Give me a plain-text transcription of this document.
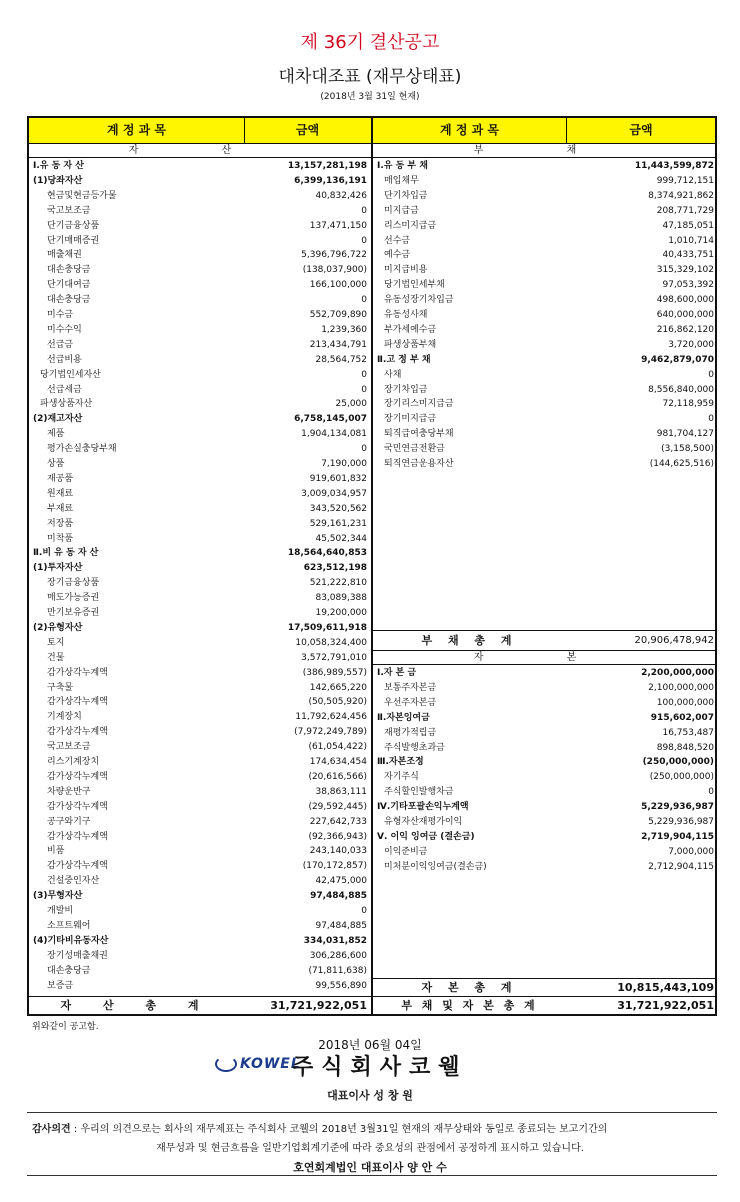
제 36기 결산공고
대차대조표 (재무상태표)
(2018년 3월 31일 현재)
계 정 과 목	금액	계 정 과 목	금액
자 산	부 채
Ⅰ.유 동 자 산	13,157,281,198
(1)당좌자산	6,399,136,191
현금및현금등가물	40,832,426
국고보조금	0
단기금융상품	137,471,150
단기매매증권	0
매출채권	5,396,796,722
대손충당금	(138,037,900)
단기대여금	166,100,000
대손충당금	0
미수금	552,709,890
미수수익	1,239,360
선급금	213,434,791
선급비용	28,564,752
당기법인세자산	0
선급세금	0
파생상품자산	25,000
(2)재고자산	6,758,145,007
제품	1,904,134,081
평가손실충당부채	0
상품	7,190,000
재공품	919,601,832
원재료	3,009,034,957
부재료	343,520,562
저장품	529,161,231
미착품	45,502,344
Ⅱ.비 유 동 자 산	18,564,640,853
(1)투자자산	623,512,198
장기금융상품	521,222,810
매도가능증권	83,089,388
만기보유증권	19,200,000
(2)유형자산	17,509,611,918
토지	10,058,324,400
건물	3,572,791,010
감가상각누계액	(386,989,557)
구축물	142,665,220
감가상각누계액	(50,505,920)
기계장치	11,792,624,456
감가상각누계액	(7,972,249,789)
국고보조금	(61,054,422)
리스기계장치	174,634,454
감가상각누계액	(20,616,566)
차량운반구	38,863,111
감가상각누계액	(29,592,445)
공구와기구	227,642,733
감가상각누계액	(92,366,943)
비품	243,140,033
감가상각누계액	(170,172,857)
건설중인자산	42,475,000
(3)무형자산	97,484,885
개발비	0
소프트웨어	97,484,885
(4)기타비유동자산	334,031,852
장기성매출채권	306,286,600
대손충당금	(71,811,638)
보증금	99,556,890
Ⅰ.유 동 부 채	11,443,599,872
매입채무	999,712,151
단기차입금	8,374,921,862
미지급금	208,771,729
리스미지급금	47,185,051
선수금	1,010,714
예수금	40,433,751
미지급비용	315,329,102
당기법인세부채	97,053,392
유동성장기차입금	498,600,000
유동성사채	640,000,000
부가세예수금	216,862,120
파생상품부채	3,720,000
Ⅱ.고 정 부 채	9,462,879,070
사채	0
장기차입금	8,556,840,000
장기리스미지급금	72,118,959
장기미지급금	0
퇴직급여충당부채	981,704,127
국민연금전환금	(3,158,500)
퇴직연금운용자산	(144,625,516)
Ⅰ.자 본 금	2,200,000,000
보통주자본금	2,100,000,000
우선주자본금	100,000,000
Ⅱ.자본잉여금	915,602,007
재평가적립금	16,753,487
주식발행초과금	898,848,520
Ⅲ.자본조정	(250,000,000)
자기주식	(250,000,000)
주식할인발행차금	0
Ⅳ.기타포괄손익누계액	5,229,936,987
유형자산재평가이익	5,229,936,987
Ⅴ. 이익 잉여금 (결손금)	2,719,904,115
이익준비금	7,000,000
미처분이익잉여금(결손금)	2,712,904,115
부 채 총 계	20,906,478,942
자 본
자 본 총 계	10,815,443,109
자 산 총 계	31,721,922,051	부 채 및 자 본 총 계	31,721,922,051
위와같이 공고함.
2018년 06월 04일
KOWEL
주식회사코웰
대표이사 성 창 원
감사의견 : 우리의 의견으로는 회사의 재무제표는 주식회사 코웰의 2018년 3월31일 현재의 재무상태와 동일로 종료되는 보고기간의
재무성과 및 현금흐름을 일반기업회계기준에 따라 중요성의 관점에서 공정하게 표시하고 있습니다.
호연회계법인 대표이사 양 안 수
